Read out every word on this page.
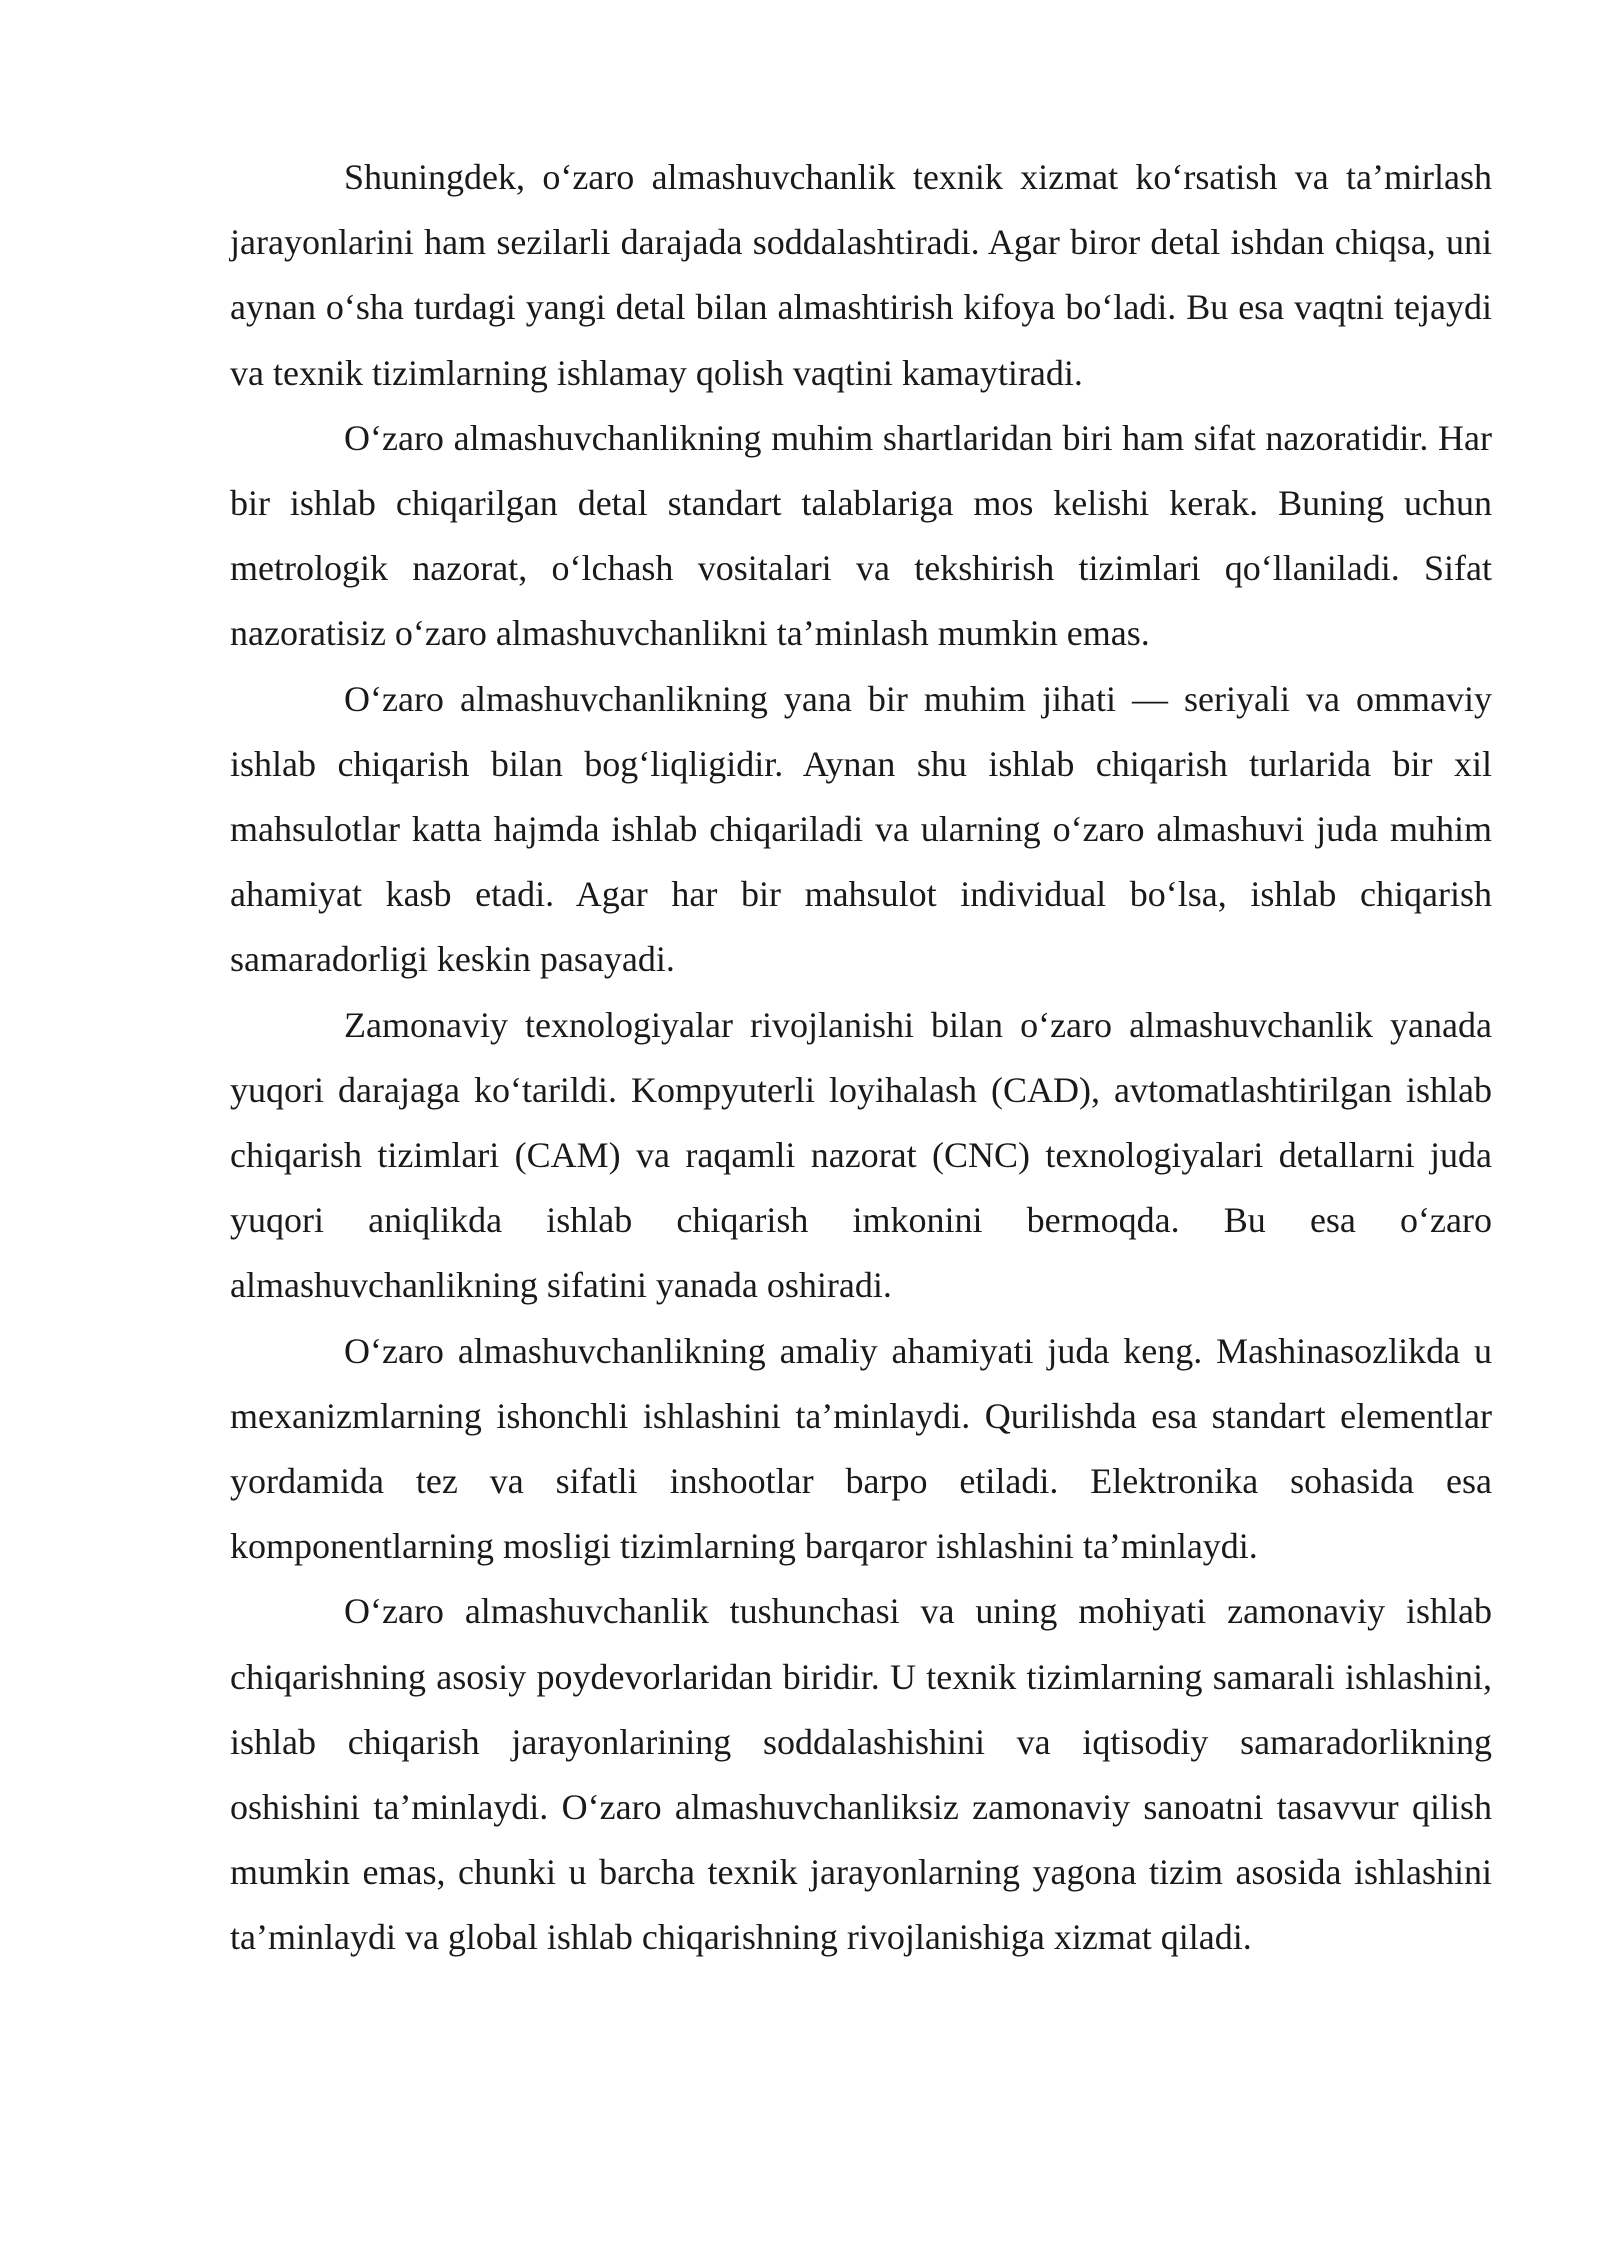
Shuningdek, o‘zaro almashuvchanlik texnik xizmat ko‘rsatish va ta’mirlash jarayonlarini ham sezilarli darajada soddalashtiradi. Agar biror detal ishdan chiqsa, uni aynan o‘sha turdagi yangi detal bilan almashtirish kifoya bo‘ladi. Bu esa vaqtni tejaydi va texnik tizimlarning ishlamay qolish vaqtini kamaytiradi.

O‘zaro almashuvchanlikning muhim shartlaridan biri ham sifat nazoratidir. Har bir ishlab chiqarilgan detal standart talablariga mos kelishi kerak. Buning uchun metrologik nazorat, o‘lchash vositalari va tekshirish tizimlari qo‘llaniladi. Sifat nazoratisiz o‘zaro almashuvchanlikni ta’minlash mumkin emas.

O‘zaro almashuvchanlikning yana bir muhim jihati — seriyali va ommaviy ishlab chiqarish bilan bog‘liqligidir. Aynan shu ishlab chiqarish turlarida bir xil mahsulotlar katta hajmda ishlab chiqariladi va ularning o‘zaro almashuvi juda muhim ahamiyat kasb etadi. Agar har bir mahsulot individual bo‘lsa, ishlab chiqarish samaradorligi keskin pasayadi.

Zamonaviy texnologiyalar rivojlanishi bilan o‘zaro almashuvchanlik yanada yuqori darajaga ko‘tarildi. Kompyuterli loyihalash (CAD), avtomatlashtirilgan ishlab chiqarish tizimlari (CAM) va raqamli nazorat (CNC) texnologiyalari detallarni juda yuqori aniqlikda ishlab chiqarish imkonini bermoqda. Bu esa o‘zaro almashuvchanlikning sifatini yanada oshiradi.

O‘zaro almashuvchanlikning amaliy ahamiyati juda keng. Mashinasozlikda u mexanizmlarning ishonchli ishlashini ta’minlaydi. Qurilishda esa standart elementlar yordamida tez va sifatli inshootlar barpo etiladi. Elektronika sohasida esa komponentlarning mosligi tizimlarning barqaror ishlashini ta’minlaydi.

O‘zaro almashuvchanlik tushunchasi va uning mohiyati zamonaviy ishlab chiqarishning asosiy poydevorlaridan biridir. U texnik tizimlarning samarali ishlashini, ishlab chiqarish jarayonlarining soddalashishini va iqtisodiy samaradorlikning oshishini ta’minlaydi. O‘zaro almashuvchanliksiz zamonaviy sanoatni tasavvur qilish mumkin emas, chunki u barcha texnik jarayonlarning yagona tizim asosida ishlashini ta’minlaydi va global ishlab chiqarishning rivojlanishiga xizmat qiladi.
